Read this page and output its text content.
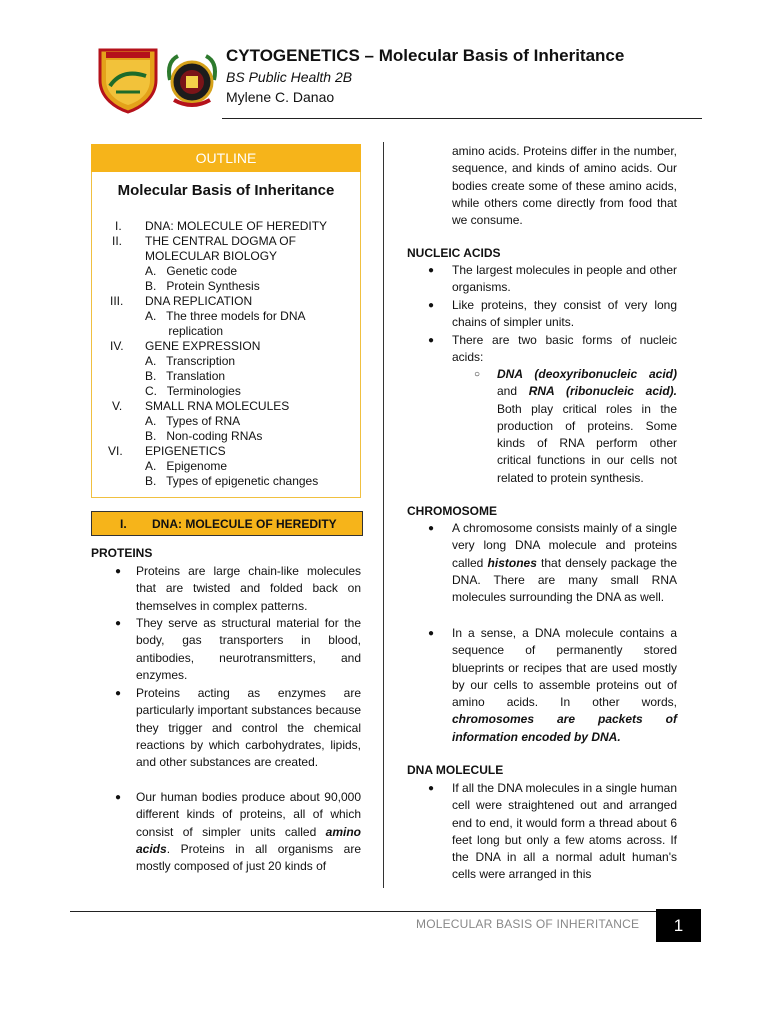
CYTOGENETICS – Molecular Basis of Inheritance
BS Public Health 2B
Mylene C. Danao
OUTLINE
Molecular Basis of Inheritance
I. DNA: MOLECULE OF HEREDITY
II. THE CENTRAL DOGMA OF
MOLECULAR BIOLOGY
A.   Genetic code
B.   Protein Synthesis
III. DNA REPLICATION
A.   The three models for DNA
replication
IV. GENE EXPRESSION
A.   Transcription
B.   Translation
C.   Terminologies
V. SMALL RNA MOLECULES
A.   Types of RNA
B.   Non-coding RNAs
VI. EPIGENETICS
A.   Epigenome
B.   Types of epigenetic changes
I. DNA: MOLECULE OF HEREDITY
PROTEINS
● Proteins are large chain-like molecules that are twisted and folded back on themselves in complex patterns.
● They serve as structural material for the body, gas transporters in blood, antibodies, neurotransmitters, and enzymes.
● Proteins acting as enzymes are particularly important substances because they trigger and control the chemical reactions by which carbohydrates, lipids, and other substances are created.
● Our human bodies produce about 90,000 different kinds of proteins, all of which consist of simpler units called amino acids. Proteins in all organisms are mostly composed of just 20 kinds of
amino acids. Proteins differ in the number, sequence, and kinds of amino acids. Our bodies create some of these amino acids, while others come directly from food that we consume.
NUCLEIC ACIDS
● The largest molecules in people and other organisms.
● Like proteins, they consist of very long chains of simpler units.
● There are two basic forms of nucleic acids:
○ DNA (deoxyribonucleic acid) and RNA (ribonucleic acid). Both play critical roles in the production of proteins. Some kinds of RNA perform other critical functions in our cells not related to protein synthesis.
CHROMOSOME
● A chromosome consists mainly of a single very long DNA molecule and proteins called histones that densely package the DNA. There are many small RNA molecules surrounding the DNA as well.
● In a sense, a DNA molecule contains a sequence of permanently stored blueprints or recipes that are used mostly by our cells to assemble proteins out of amino acids. In other words, chromosomes are packets of information encoded by DNA.
DNA MOLECULE
● If all the DNA molecules in a single human cell were straightened out and arranged end to end, it would form a thread about 6 feet long but only a few atoms across. If the DNA in all a normal adult human's cells were arranged in this
MOLECULAR BASIS OF INHERITANCE	1
